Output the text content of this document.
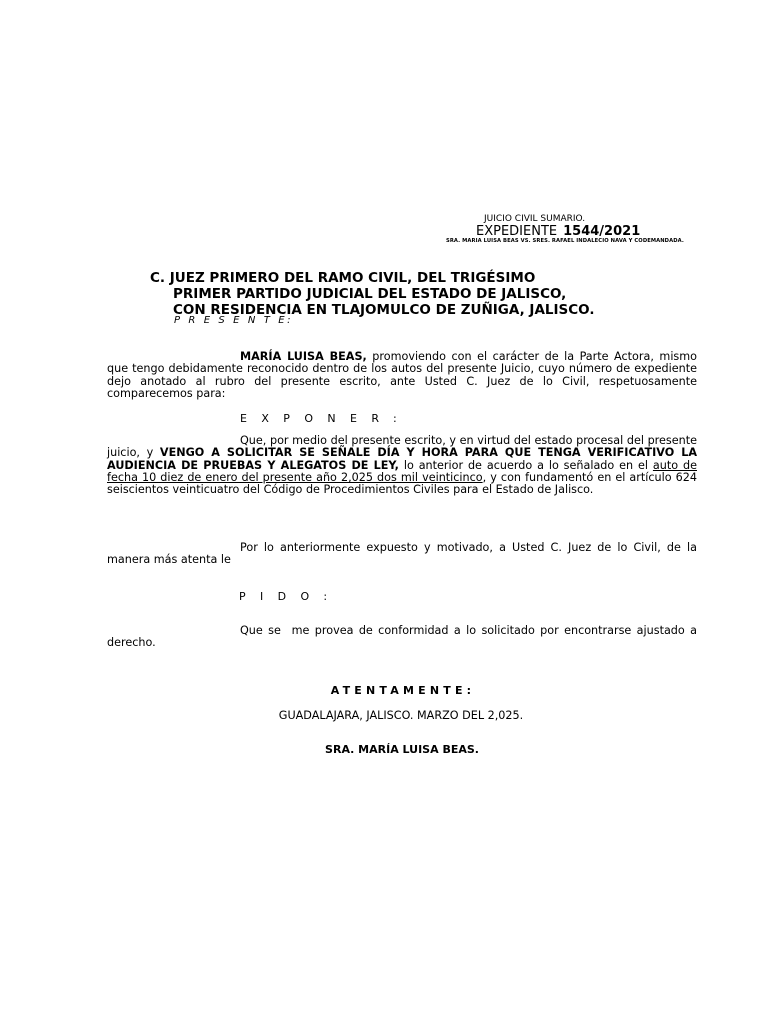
JUICIO CIVIL SUMARIO.
EXPEDIENTE 1544/2021
SRA. MARIA LUISA BEAS VS. SRES. RAFAEL INDALECIO NAVA Y CODEMANDADA.
C. JUEZ PRIMERO DEL RAMO CIVIL, DEL TRIGÉSIMO
PRIMER PARTIDO JUDICIAL DEL ESTADO DE JALISCO,
CON RESIDENCIA EN TLAJOMULCO DE ZUÑIGA, JALISCO.
P R E S E N T E:
MARÍA LUISA BEAS, promoviendo con el carácter de la Parte Actora, mismo que tengo debidamente reconocido dentro de los autos del presente Juicio, cuyo número de expediente dejo anotado al rubro del presente escrito, ante Usted C. Juez de lo Civil, respetuosamente comparecemos para:
EXPONER:
Que, por medio del presente escrito, y en virtud del estado procesal del presente juicio, y VENGO A SOLICITAR SE SEÑALE DÍA Y HORA PARA QUE TENGA VERIFICATIVO LA AUDIENCIA DE PRUEBAS Y ALEGATOS DE LEY, lo anterior de acuerdo a lo señalado en el auto de fecha 10 diez de enero del presente año 2,025 dos mil veinticinco, y con fundamentó en el artículo 624 seiscientos veinticuatro del Código de Procedimientos Civiles para el Estado de Jalisco.
Por lo anteriormente expuesto y motivado, a Usted C. Juez de lo Civil, de la manera más atenta le
PIDO:
Que se  me provea de conformidad a lo solicitado por encontrarse ajustado a derecho.
ATENTAMENTE:
GUADALAJARA, JALISCO. MARZO DEL 2,025.
SRA. MARÍA LUISA BEAS.
